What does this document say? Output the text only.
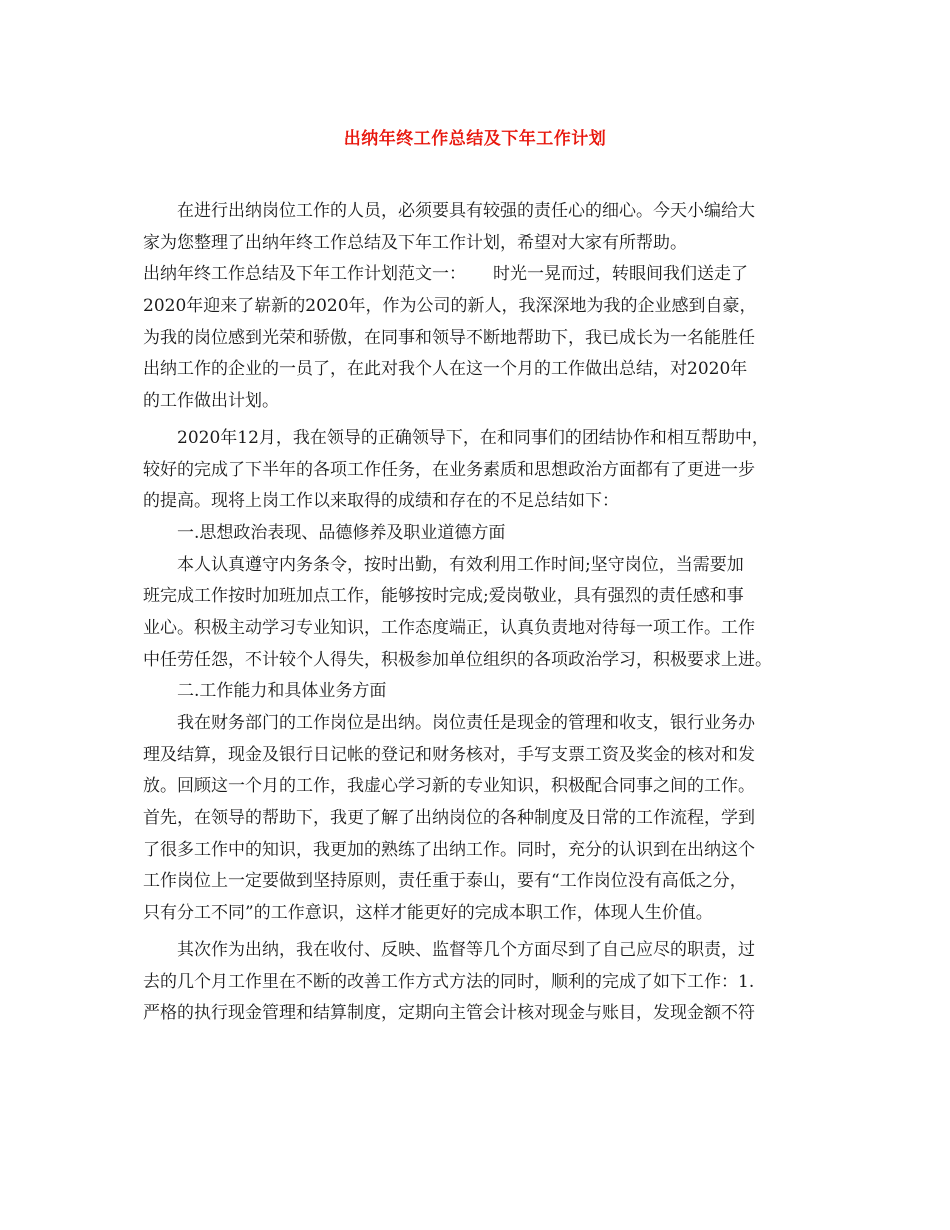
出纳年终工作总结及下年工作计划
在进行出纳岗位工作的人员，必须要具有较强的责任心的细心。今天小编给大
家为您整理了出纳年终工作总结及下年工作计划，希望对大家有所帮助。
出纳年终工作总结及下年工作计划范文一： 时光一晃而过，转眼间我们送走了
2020年迎来了崭新的2020年，作为公司的新人，我深深地为我的企业感到自豪，
为我的岗位感到光荣和骄傲，在同事和领导不断地帮助下，我已成长为一名能胜任
出纳工作的企业的一员了，在此对我个人在这一个月的工作做出总结，对2020年
的工作做出计划。
2020年12月，我在领导的正确领导下，在和同事们的团结协作和相互帮助中，
较好的完成了下半年的各项工作任务，在业务素质和思想政治方面都有了更进一步
的提高。现将上岗工作以来取得的成绩和存在的不足总结如下：
一.思想政治表现、品德修养及职业道德方面
本人认真遵守内务条令，按时出勤，有效利用工作时间;坚守岗位，当需要加
班完成工作按时加班加点工作，能够按时完成;爱岗敬业，具有强烈的责任感和事
业心。积极主动学习专业知识，工作态度端正，认真负责地对待每一项工作。工作
中任劳任怨，不计较个人得失，积极参加单位组织的各项政治学习，积极要求上进。
二.工作能力和具体业务方面
我在财务部门的工作岗位是出纳。岗位责任是现金的管理和收支，银行业务办
理及结算，现金及银行日记帐的登记和财务核对，手写支票工资及奖金的核对和发
放。回顾这一个月的工作，我虚心学习新的专业知识，积极配合同事之间的工作。
首先，在领导的帮助下，我更了解了出纳岗位的各种制度及日常的工作流程，学到
了很多工作中的知识，我更加的熟练了出纳工作。同时，充分的认识到在出纳这个
工作岗位上一定要做到坚持原则，责任重于泰山，要有“工作岗位没有高低之分，
只有分工不同”的工作意识，这样才能更好的完成本职工作，体现人生价值。
其次作为出纳，我在收付、反映、监督等几个方面尽到了自己应尽的职责，过
去的几个月工作里在不断的改善工作方式方法的同时，顺利的完成了如下工作：1.
严格的执行现金管理和结算制度，定期向主管会计核对现金与账目，发现金额不符
